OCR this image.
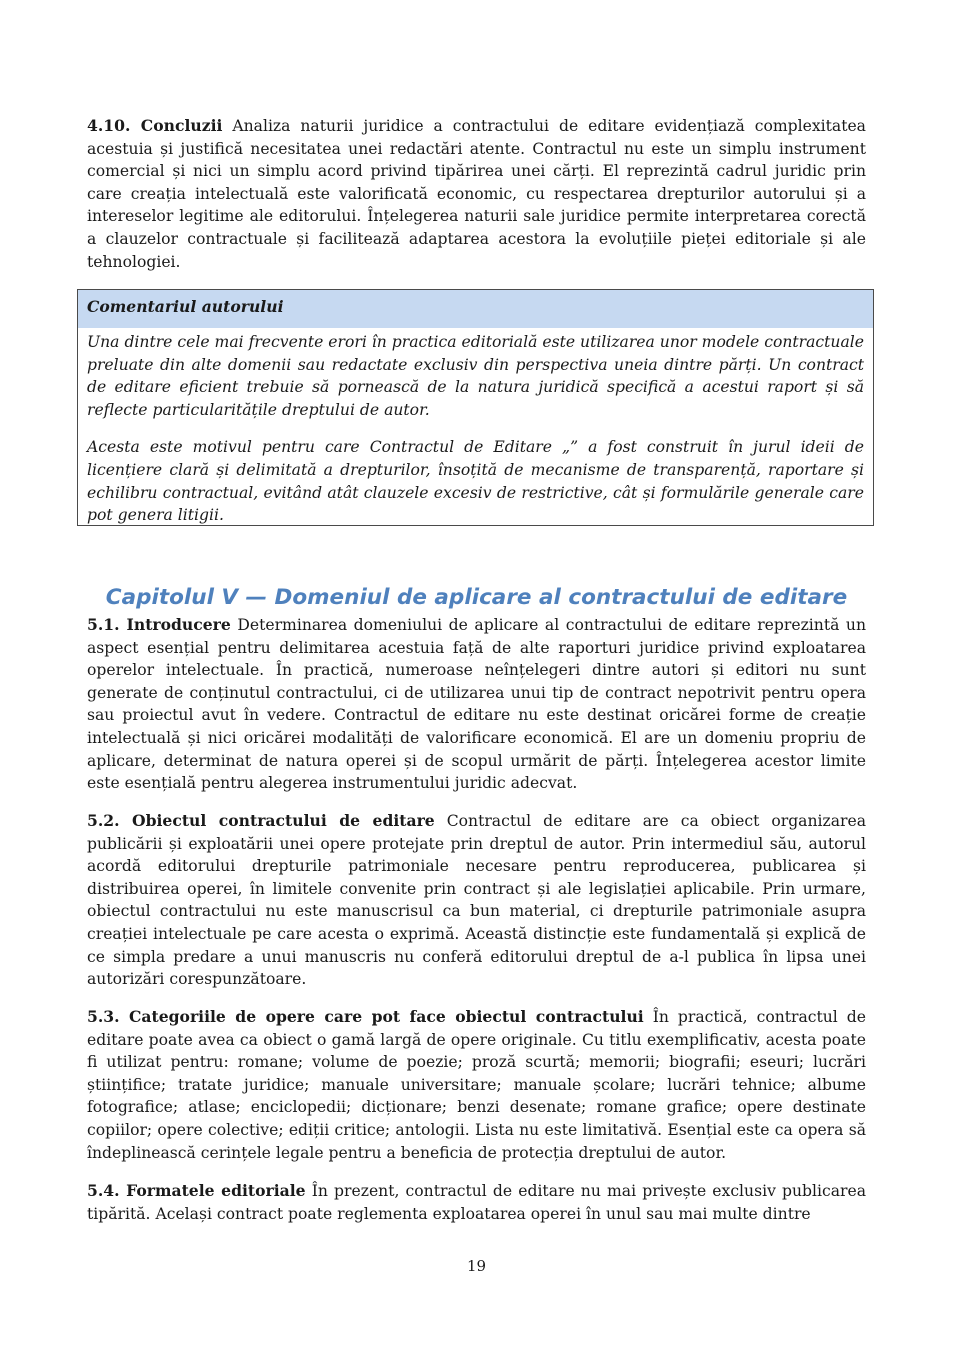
4.10. Concluzii Analiza naturii juridice a contractului de editare evidențiază complexitatea acestuia și justifică necesitatea unei redactări atente. Contractul nu este un simplu instrument comercial și nici un simplu acord privind tipărirea unei cărți. El reprezintă cadrul juridic prin care creația intelectuală este valorificată economic, cu respectarea drepturilor autorului și a intereselor legitime ale editorului. Înțelegerea naturii sale juridice permite interpretarea corectă a clauzelor contractuale și facilitează adaptarea acestora la evoluțiile pieței editoriale și ale tehnologiei.

Comentariul autorului

Una dintre cele mai frecvente erori în practica editorială este utilizarea unor modele contractuale preluate din alte domenii sau redactate exclusiv din perspectiva uneia dintre părți. Un contract de editare eficient trebuie să pornească de la natura juridică specifică a acestui raport și să reflecte particularitățile dreptului de autor.

Acesta este motivul pentru care Contractul de Editare „” a fost construit în jurul ideii de licențiere clară și delimitată a drepturilor, însoțită de mecanisme de transparență, raportare și echilibru contractual, evitând atât clauzele excesiv de restrictive, cât și formulările generale care pot genera litigii.

Capitolul V — Domeniul de aplicare al contractului de editare

5.1. Introducere Determinarea domeniului de aplicare al contractului de editare reprezintă un aspect esențial pentru delimitarea acestuia față de alte raporturi juridice privind exploatarea operelor intelectuale. În practică, numeroase neînțelegeri dintre autori și editori nu sunt generate de conținutul contractului, ci de utilizarea unui tip de contract nepotrivit pentru opera sau proiectul avut în vedere. Contractul de editare nu este destinat oricărei forme de creație intelectuală și nici oricărei modalități de valorificare economică. El are un domeniu propriu de aplicare, determinat de natura operei și de scopul urmărit de părți. Înțelegerea acestor limite este esențială pentru alegerea instrumentului juridic adecvat.

5.2. Obiectul contractului de editare Contractul de editare are ca obiect organizarea publicării și exploatării unei opere protejate prin dreptul de autor. Prin intermediul său, autorul acordă editorului drepturile patrimoniale necesare pentru reproducerea, publicarea și distribuirea operei, în limitele convenite prin contract și ale legislației aplicabile. Prin urmare, obiectul contractului nu este manuscrisul ca bun material, ci drepturile patrimoniale asupra creației intelectuale pe care acesta o exprimă. Această distincție este fundamentală și explică de ce simpla predare a unui manuscris nu conferă editorului dreptul de a-l publica în lipsa unei autorizări corespunzătoare.

5.3. Categoriile de opere care pot face obiectul contractului În practică, contractul de editare poate avea ca obiect o gamă largă de opere originale. Cu titlu exemplificativ, acesta poate fi utilizat pentru: romane; volume de poezie; proză scurtă; memorii; biografii; eseuri; lucrări științifice; tratate juridice; manuale universitare; manuale școlare; lucrări tehnice; albume fotografice; atlase; enciclopedii; dicționare; benzi desenate; romane grafice; opere destinate copiilor; opere colective; ediții critice; antologii. Lista nu este limitativă. Esențial este ca opera să îndeplinească cerințele legale pentru a beneficia de protecția dreptului de autor.

5.4. Formatele editoriale În prezent, contractul de editare nu mai privește exclusiv publicarea tipărită. Același contract poate reglementa exploatarea operei în unul sau mai multe dintre

19
